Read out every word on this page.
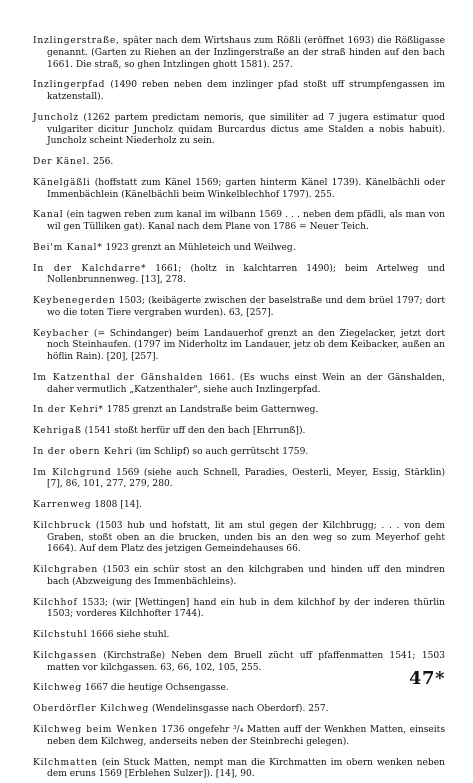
Inzlingerstraße, später nach dem Wirtshaus zum Rößli (eröffnet 1693) die Rößligasse genannt. (Garten zu Riehen an der Inzlingerstraße an der straß hinden auf den bach 1661. Die straß, so ghen Intzlingen ghott 1581). 257.

Inzlingerpfad (1490 reben neben dem inzlinger pfad stoßt uff strumpfengassen im katzenstall).

Juncholz (1262 partem predictam nemoris, que similiter ad 7 jugera estimatur quod vulgariter dicitur Juncholz quidam Burcardus dictus ame Stalden a nobis habuit). Juncholz scheint Niederholz zu sein.

Der Känel. 256.

Känelgäßli (hoffstatt zum Känel 1569; garten hinterm Känel 1739). Känelbächli oder Immenbächlein (Känelbächli beim Winkelblechhof 1797). 255.

Kanal (ein tagwen reben zum kanal im wilbann 1569 . . . neben dem pfädli, als man von wil gen Tülliken gat). Kanal nach dem Plane von 1786 = Neuer Teich.

Bei'm Kanal* 1923 grenzt an Mühleteich und Weilweg.

In der Kalchdarre* 1661; (holtz in kalchtarren 1490); beim Artelweg und Nollenbrunnenweg. [13], 278.

Keybenegerden 1503; (keibägerte zwischen der baselstraße und dem brüel 1797; dort wo die toten Tiere vergraben wurden). 63, [257].

Keybacher (= Schindanger) beim Landauerhof grenzt an den Ziegelacker, jetzt dort noch Steinhaufen. (1797 im Niderholtz im Landauer, jetz ob dem Keibacker, außen an höflin Rain). [20], [257].

Im Katzenthal der Gänshalden 1661. (Es wuchs einst Wein an der Gänshalden, daher vermutlich „Katzenthaler", siehe auch Inzlingerpfad.

In der Kehri* 1785 grenzt an Landstraße beim Gatternweg.

Kehrigaß (1541 stoßt herfür uff den den bach [Ehrrunß]).

In der obern Kehri (im Schlipf) so auch gerrütscht 1759.

Im Kilchgrund 1569 (siehe auch Schnell, Paradies, Oesterli, Meyer, Essig, Stärklin) [7], 86, 101, 277, 279, 280.

Karrenweg 1808 [14].

Kilchbruck (1503 hub und hofstatt, lit am stul gegen der Kilchbrugg; . . . von dem Graben, stoßt oben an die brucken, unden bis an den weg so zum Meyerhof geht 1664). Auf dem Platz des jetzigen Gemeindehauses 66.

Kilchgraben (1503 ein schür stost an den kilchgraben und hinden uff den mindren bach (Abzweigung des Immenbächleins).

Kilchhof 1533; (wir [Wettingen] hand ein hub in dem kilchhof by der inderen thürlin 1503; vorderes Kilchhofter 1744).

Kilchstuhl 1666 siehe stuhl.

Kilchgassen (Kirchstraße) Neben dem Bruell zücht uff pfaffenmatten 1541; 1503 matten vor kilchgassen. 63, 66, 102, 105, 255.

Kilchweg 1667 die heutige Ochsengasse.

Oberdörfler Kilchweg (Wendelinsgasse nach Oberdorf). 257.

Kilchweg beim Wenken 1736 ongefehr ³/₄ Matten auff der Wenkhen Matten, einseits neben dem Kilchweg, anderseits neben der Steinbrechi gelegen).

Kilchmatten (ein Stuck Matten, nempt man die Kirchmatten im obern wenken neben dem eruns 1569 [Erblehen Sulzer]). [14], 90.

47*
